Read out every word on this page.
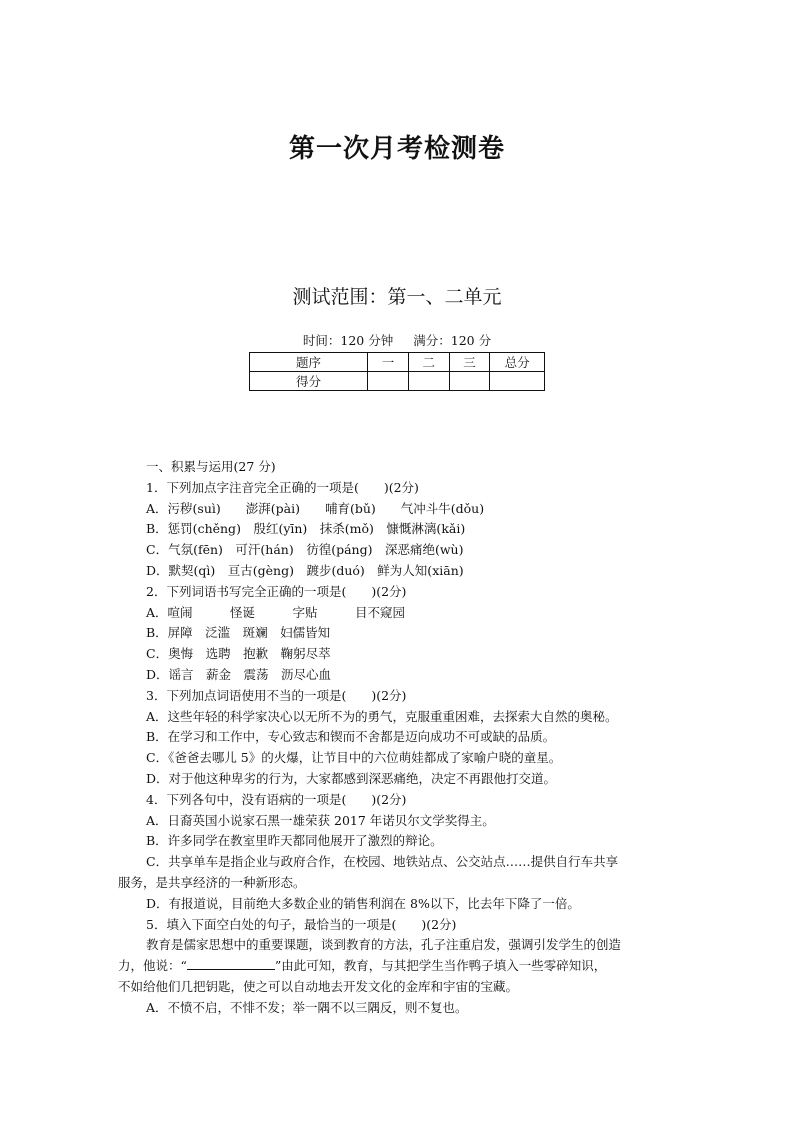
第一次月考检测卷
测试范围：第一、二单元
时间：120 分钟 满分：120 分
题序	一	二	三	总分
得分				
一、积累与运用(27 分)
1．下列加点字注音完全正确的一项是(　　)(2分)
A．污秽(suì)　　澎湃(pài)　　哺育(bǔ)　　气冲斗牛(dǒu)
B．惩罚(chěng)　殷红(yīn)　抹杀(mǒ)　慷慨淋漓(kǎi)
C．气氛(fēn)　可汗(hán)　彷徨(páng)　深恶痛绝(wù)
D．默契(qì)　亘古(gèng)　踱步(duó)　鲜为人知(xiān)
2．下列词语书写完全正确的一项是(　　)(2分)
A．喧闹　　　怪诞　　　字贴　　　目不窥园
B．屏障　泛滥　斑斓　妇儒皆知
C．奥悔　选聘　抱歉　鞠躬尽萃
D．谣言　薪金　震荡　沥尽心血
3．下列加点词语使用不当的一项是(　　)(2分)
A．这些年轻的科学家决心以无所不为的勇气，克服重重困难，去探索大自然的奥秘。
B．在学习和工作中，专心致志和锲而不舍都是迈向成功不可或缺的品质。
C．《爸爸去哪儿 5》的火爆，让节目中的六位萌娃都成了家喻户晓的童星。
D．对于他这种卑劣的行为，大家都感到深恶痛绝，决定不再跟他打交道。
4．下列各句中，没有语病的一项是(　　)(2分)
A．日裔英国小说家石黑一雄荣获 2017 年诺贝尔文学奖得主。
B．许多同学在教室里昨天都同他展开了激烈的辩论。
C．共享单车是指企业与政府合作，在校园、地铁站点、公交站点……提供自行车共享
服务，是共享经济的一种新形态。
D．有报道说，目前绝大多数企业的销售利润在 8%以下，比去年下降了一倍。
5．填入下面空白处的句子，最恰当的一项是(　　)(2分)
教育是儒家思想中的重要课题，谈到教育的方法，孔子注重启发，强调引发学生的创造
力，他说：“	”由此可知，教育，与其把学生当作鸭子填入一些零碎知识，
不如给他们几把钥匙，使之可以自动地去开发文化的金库和宇宙的宝藏。
A．不愤不启，不悱不发；举一隅不以三隅反，则不复也。
